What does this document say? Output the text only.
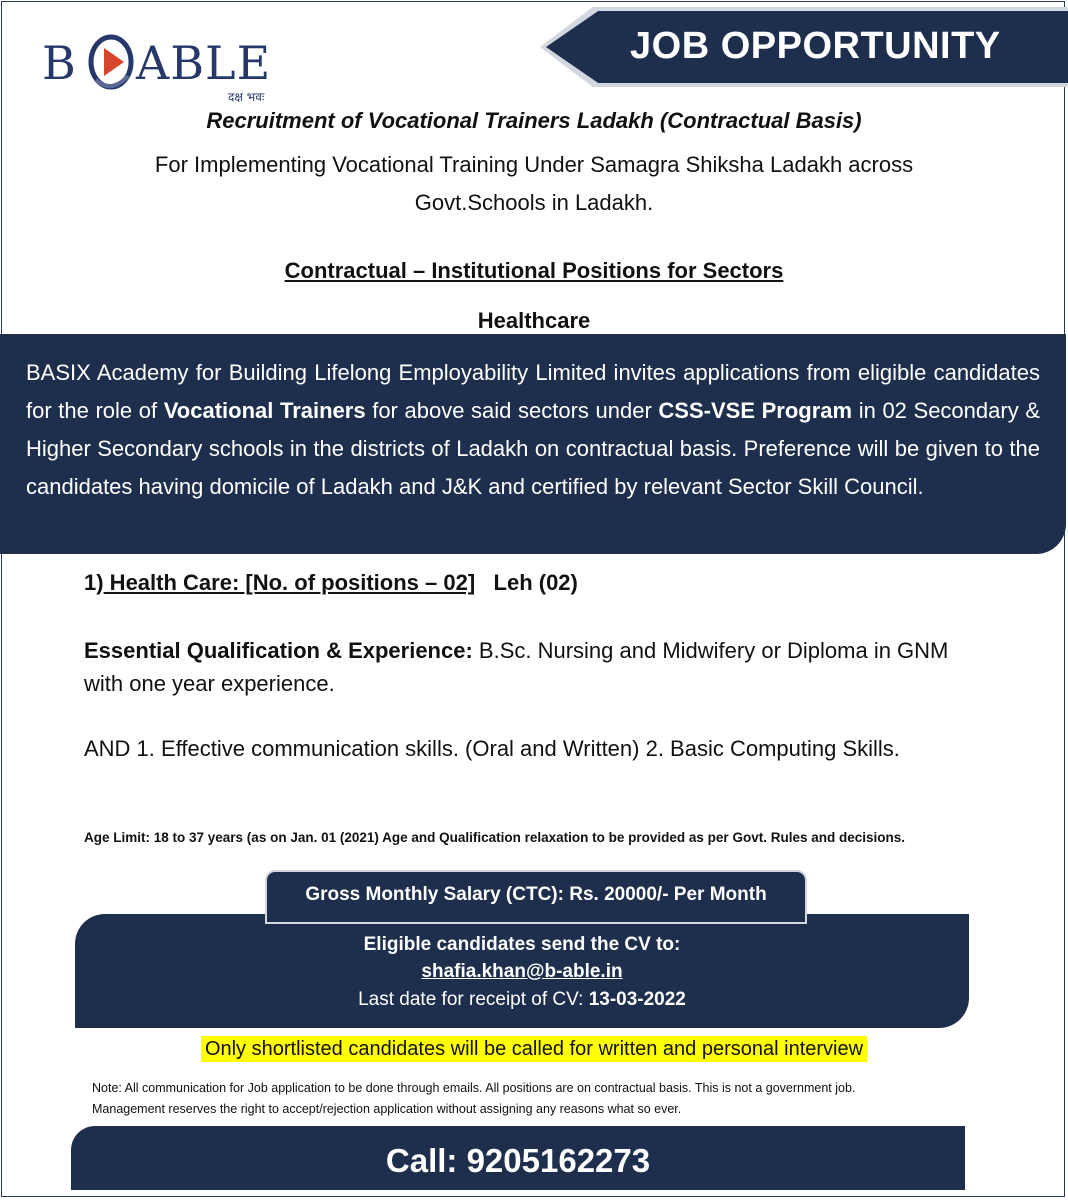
B ABLE
दक्ष भवः
JOB OPPORTUNITY
Recruitment of Vocational Trainers Ladakh (Contractual Basis)
For Implementing Vocational Training Under Samagra Shiksha Ladakh across
Govt.Schools in Ladakh.
Contractual – Institutional Positions for Sectors
Healthcare
BASIX Academy for Building Lifelong Employability Limited invites applications from eligible candidates for the role of Vocational Trainers for above said sectors under CSS-VSE Program in 02 Secondary & Higher Secondary schools in the districts of Ladakh on contractual basis. Preference will be given to the candidates having domicile of Ladakh and J&K and certified by relevant Sector Skill Council.
1) Health Care: [No. of positions – 02] Leh (02)
Essential Qualification & Experience: B.Sc. Nursing and Midwifery or Diploma in GNM with one year experience.
AND 1. Effective communication skills. (Oral and Written) 2. Basic Computing Skills.
Age Limit: 18 to 37 years (as on Jan. 01 (2021) Age and Qualification relaxation to be provided as per Govt. Rules and decisions.
Eligible candidates send the CV to:
shafia.khan@b-able.in
Last date for receipt of CV: 13-03-2022
Gross Monthly Salary (CTC): Rs. 20000/- Per Month
Only shortlisted candidates will be called for written and personal interview
Note: All communication for Job application to be done through emails. All positions are on contractual basis. This is not a government job.
Management reserves the right to accept/rejection application without assigning any reasons what so ever.
Call: 9205162273
